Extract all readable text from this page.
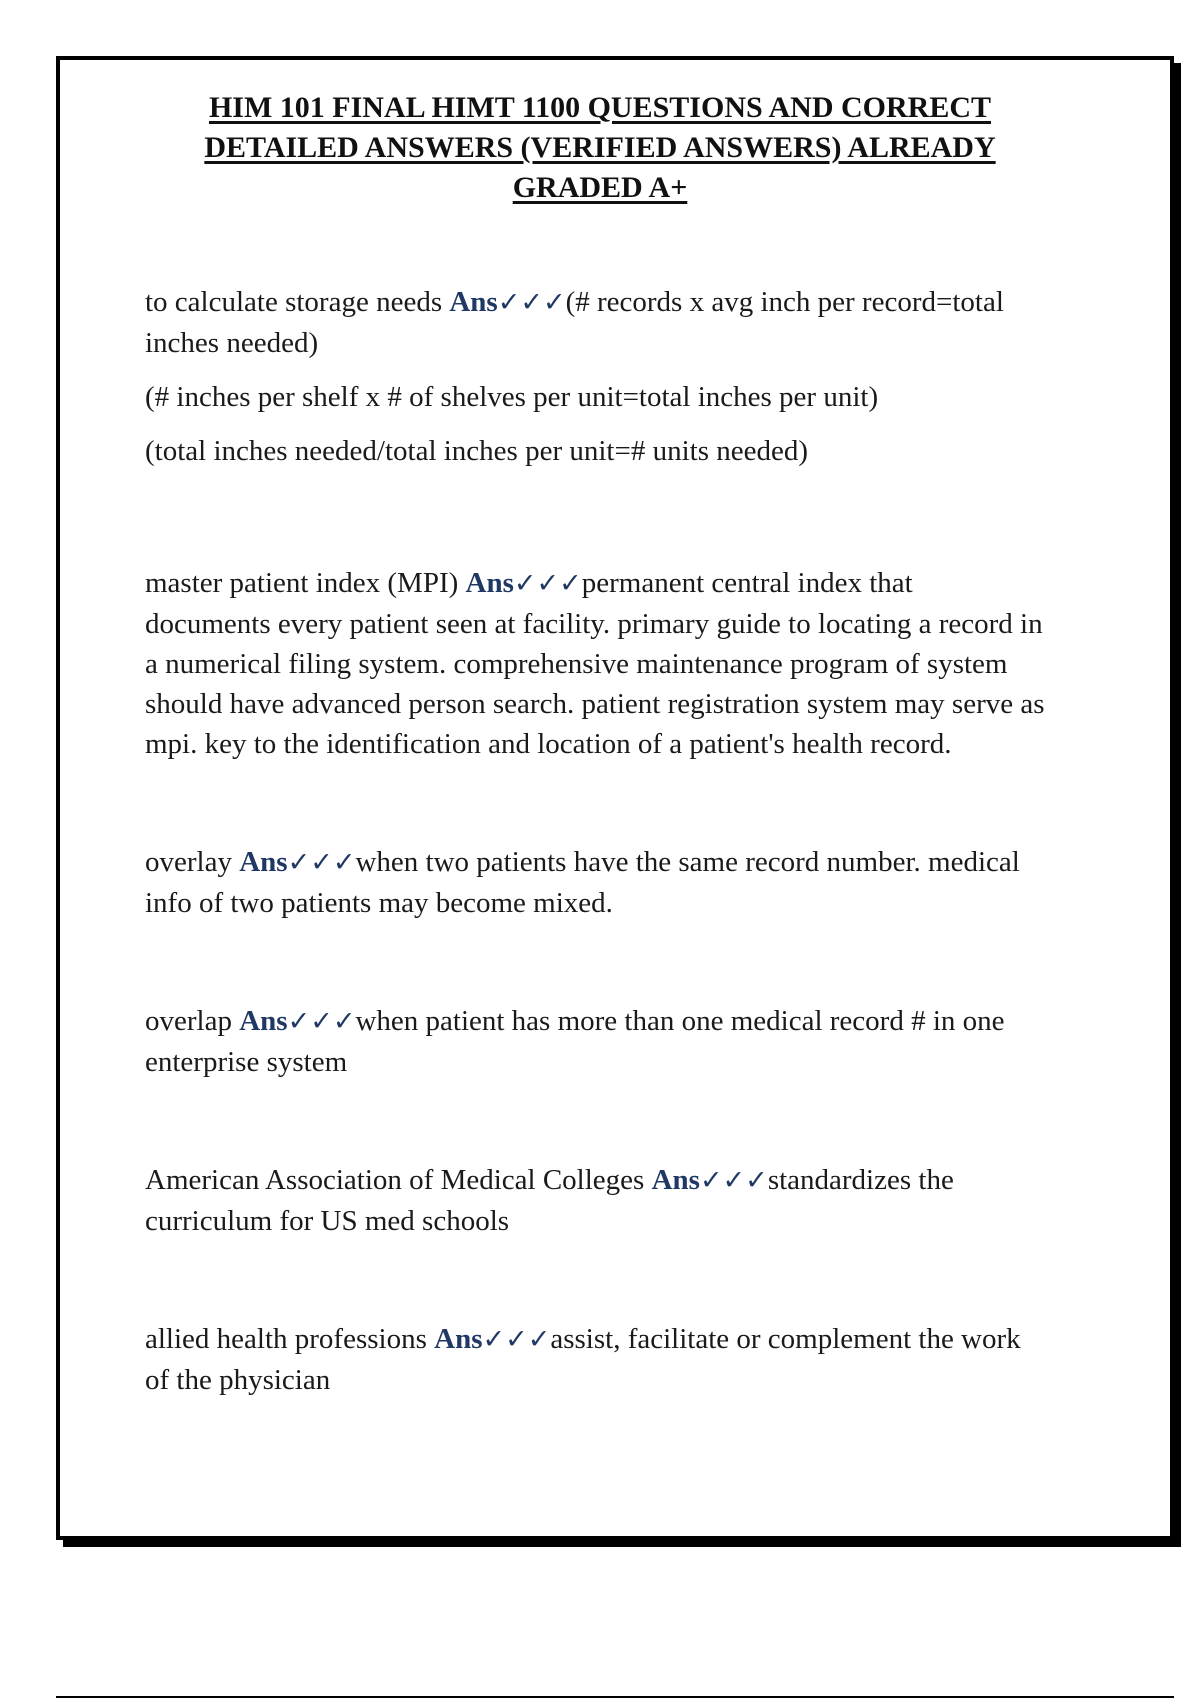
HIM 101 FINAL HIMT 1100 QUESTIONS AND CORRECT
DETAILED ANSWERS (VERIFIED ANSWERS) ALREADY
GRADED A+

to calculate storage needs Ans✓✓✓(# records x avg inch per record=total inches needed)

(# inches per shelf x # of shelves per unit=total inches per unit)

(total inches needed/total inches per unit=# units needed)

master patient index (MPI) Ans✓✓✓permanent central index that documents every patient seen at facility. primary guide to locating a record in a numerical filing system. comprehensive maintenance program of system should have advanced person search. patient registration system may serve as mpi. key to the identification and location of a patient's health record.

overlay Ans✓✓✓when two patients have the same record number. medical info of two patients may become mixed.

overlap Ans✓✓✓when patient has more than one medical record # in one enterprise system

American Association of Medical Colleges Ans✓✓✓standardizes the curriculum for US med schools

allied health professions Ans✓✓✓assist, facilitate or complement the work of the physician
